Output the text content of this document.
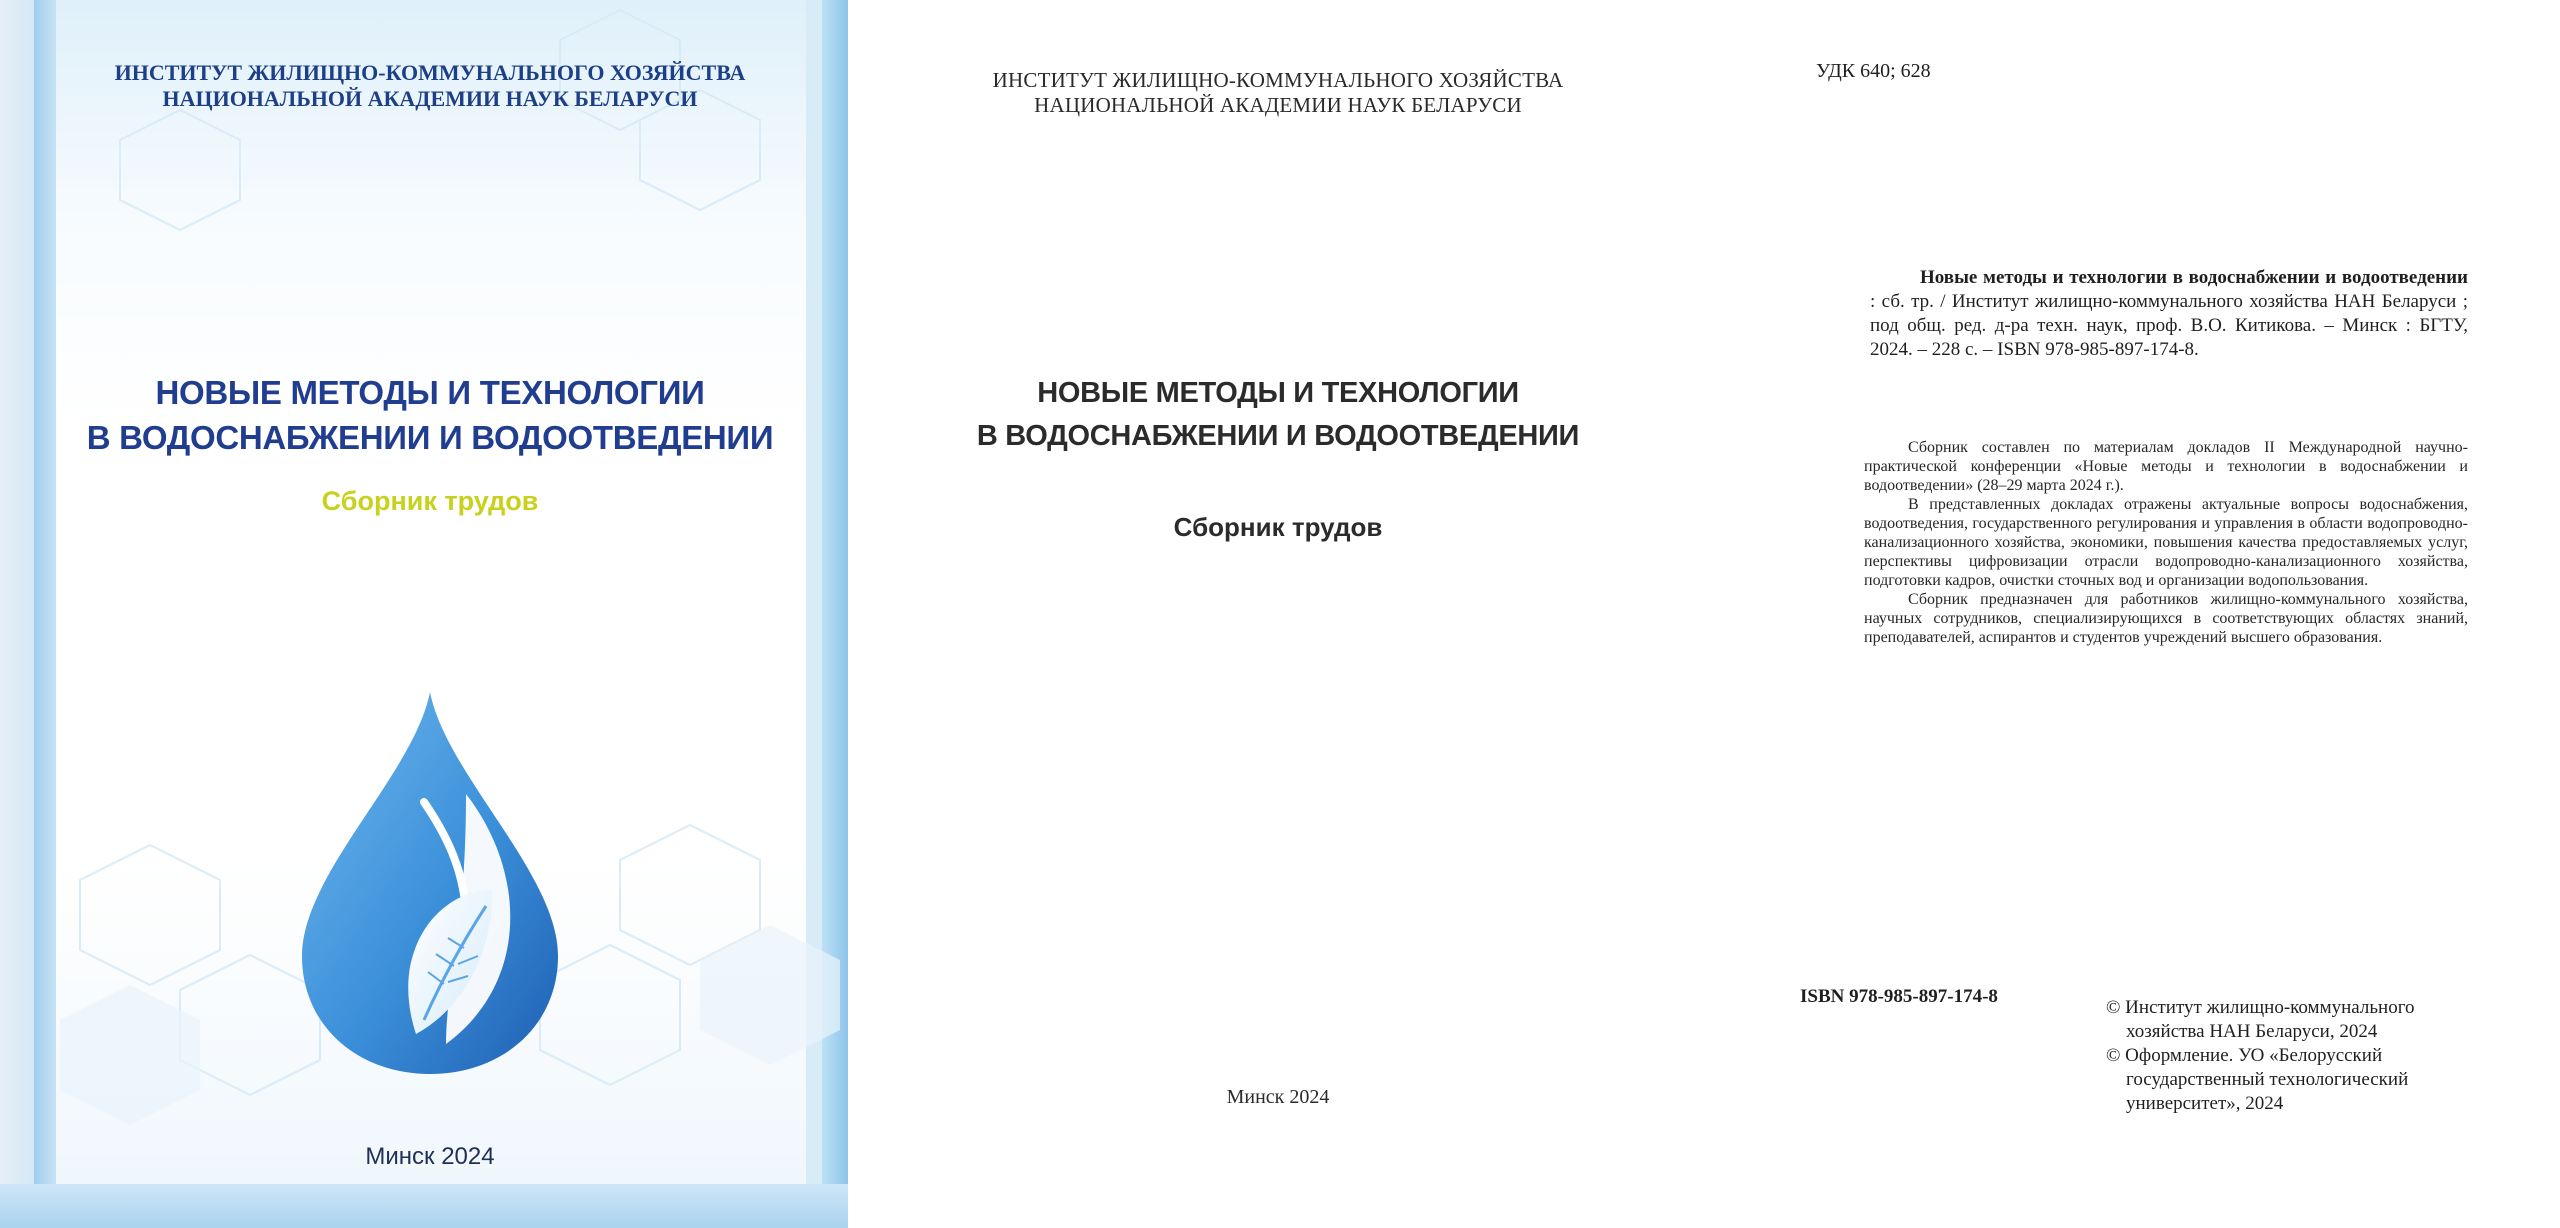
ИНСТИТУТ ЖИЛИЩНО-КОММУНАЛЬНОГО ХОЗЯЙСТВА
НАЦИОНАЛЬНОЙ АКАДЕМИИ НАУК БЕЛАРУСИ
НОВЫЕ МЕТОДЫ И ТЕХНОЛОГИИ
В ВОДОСНАБЖЕНИИ И ВОДООТВЕДЕНИИ
Сборник трудов
Минск 2024
ИНСТИТУТ ЖИЛИЩНО-КОММУНАЛЬНОГО ХОЗЯЙСТВА
НАЦИОНАЛЬНОЙ АКАДЕМИИ НАУК БЕЛАРУСИ
НОВЫЕ МЕТОДЫ И ТЕХНОЛОГИИ
В ВОДОСНАБЖЕНИИ И ВОДООТВЕДЕНИИ
Сборник трудов
Минск 2024
УДК 640; 628
Новые методы и технологии в водоснабжении и водоотведении : сб. тр. / Институт жилищно-коммунального хозяйства НАН Беларуси ; под общ. ред. д-ра техн. наук, проф. В.О. Китикова. – Минск : БГТУ, 2024. – 228 с. – ISBN 978-985-897-174-8.

Сборник составлен по материалам докладов II Международной научно-практической конференции «Новые методы и технологии в водоснабжении и водоотведении» (28–29 марта 2024 г.).

В представленных докладах отражены актуальные вопросы водоснабжения, водоотведения, государственного регулирования и управления в области водопроводно-канализационного хозяйства, экономики, повышения качества предоставляемых услуг, перспективы цифровизации отрасли водопроводно-канализационного хозяйства, подготовки кадров, очистки сточных вод и организации водопользования.

Сборник предназначен для работников жилищно-коммунального хозяйства, научных сотрудников, специализирующихся в соответствующих областях знаний, преподавателей, аспирантов и студентов учреждений высшего образования.

ISBN 978-985-897-174-8
© Институт жилищно-коммунального
хозяйства НАН Беларуси, 2024
© Оформление. УО «Белорусский
государственный технологический
университет», 2024
